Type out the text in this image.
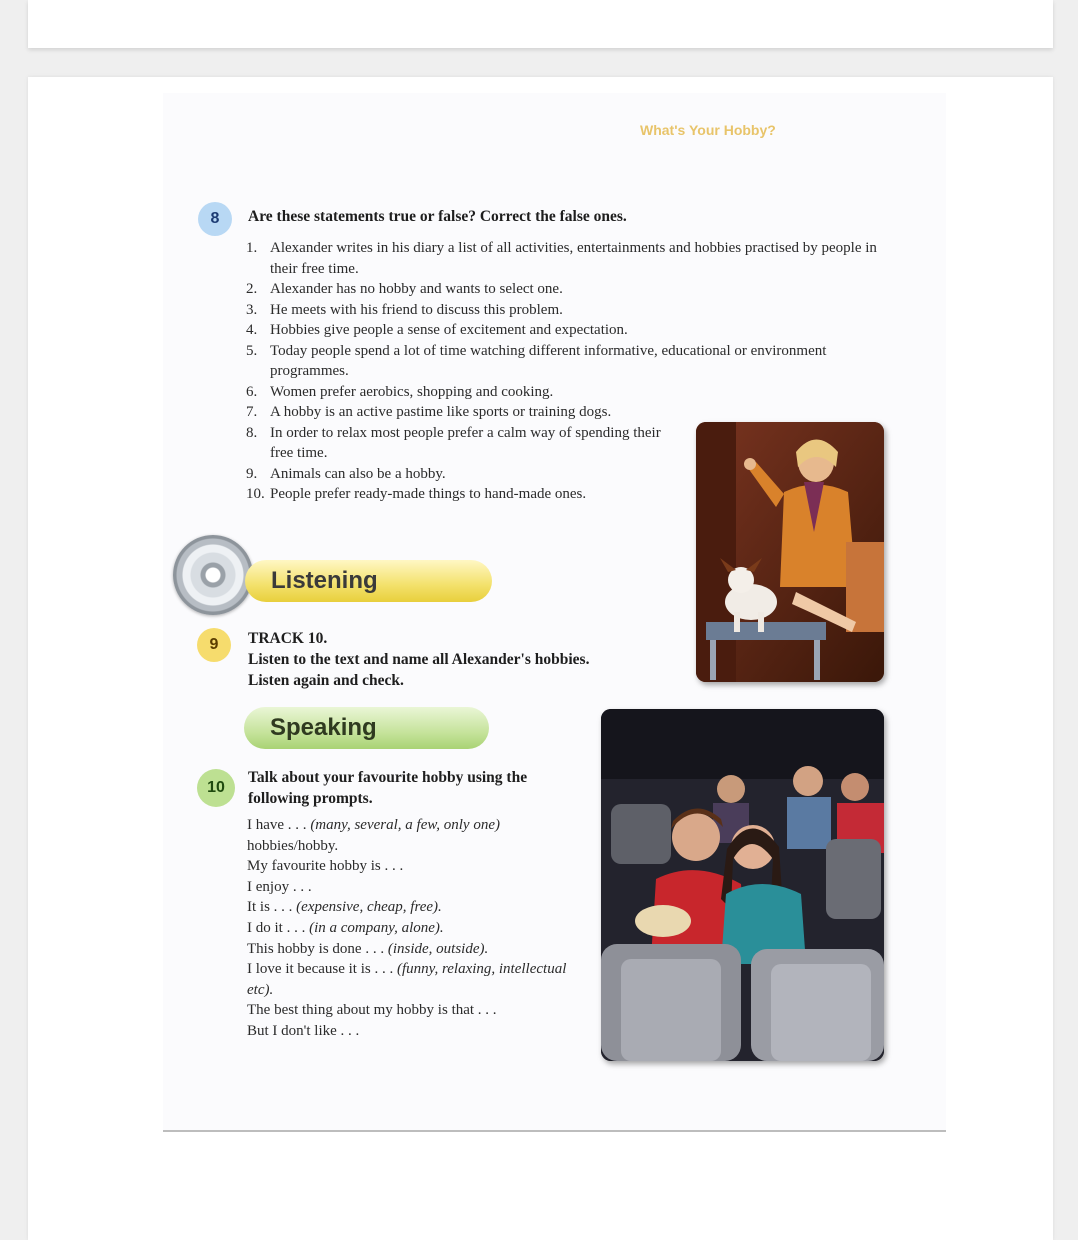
What's Your Hobby?
8	Are these statements true or false? Correct the false ones.
1. Alexander writes in his diary a list of all activities, entertainments and hobbies practised by people in their free time.
2. Alexander has no hobby and wants to select one.
3. He meets with his friend to discuss this problem.
4. Hobbies give people a sense of excitement and expectation.
5. Today people spend a lot of time watching different informative, educational or environment programmes.
6. Women prefer aerobics, shopping and cooking.
7. A hobby is an active pastime like sports or training dogs.
8. In order to relax most people prefer a calm way of spending their free time.
9. Animals can also be a hobby.
10. People prefer ready-made things to hand-made ones.
Listening
9	TRACK 10.
Listen to the text and name all Alexander's hobbies.
Listen again and check.
Speaking
10
Talk about your favourite hobby using the following prompts.
I have . . . (many, several, a few, only one) hobbies/hobby.
My favourite hobby is . . .
I enjoy . . .
It is . . . (expensive, cheap, free).
I do it . . . (in a company, alone).
This hobby is done . . . (inside, outside).
I love it because it is . . . (funny, relaxing, intellectual etc).
The best thing about my hobby is that . . .
But I don't like . . .
